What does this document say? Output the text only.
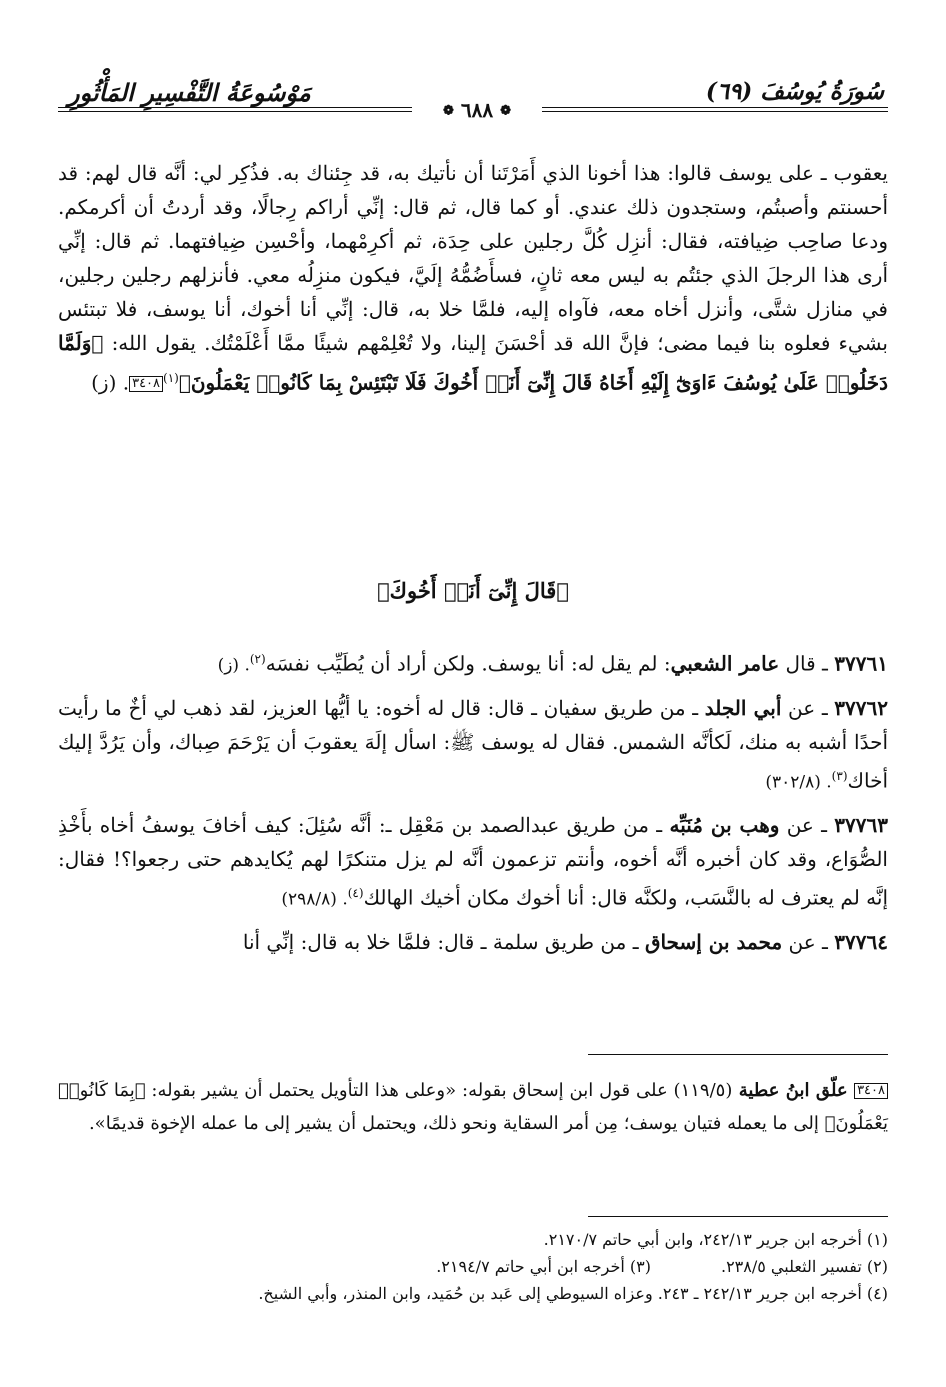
سُورَةُ يُوسُفَ (٦٩)
مَوْسُوعَةُ التَّفْسِيرِ المَأْثُورِ
❁ ٦٨٨ ❁

يعقوب ـ على يوسف قالوا: هذا أخونا الذي أَمَرْتَنا أن نأتيك به، قد جِئناك به. فذُكِر لي: أنَّه قال لهم: قد أحسنتم وأصبتُم، وستجدون ذلك عندي. أو كما قال، ثم قال: إنِّي أراكم رِجالًا، وقد أردتُ أن أكرمكم. ودعا صاحِب ضِيافته، فقال: أنزِل كُلَّ رجلين على حِدَة، ثم أكرِمْهما، وأحْسِن ضِيافتهما. ثم قال: إنِّي أرى هذا الرجلَ الذي جئتُم به ليس معه ثانٍ، فسأَضُمُّهُ إلَيَّ، فيكون منزِلُه معي. فأنزلهم رجلين رجلين، في منازل شتَّى، وأنزل أخاه معه، فآواه إليه، فلمَّا خلا به، قال: إنِّي أنا أخوك، أنا يوسف، فلا تبتئس بشيء فعلوه بنا فيما مضى؛ فإنَّ الله قد أحْسَنَ إلينا، ولا تُعْلِمْهم شيئًا ممَّا أَعْلَمْتُك. يقول الله: ﴿وَلَمَّا دَخَلُوا۟ عَلَىٰ يُوسُفَ ءَاوَىٰٓ إِلَيْهِ أَخَاهُ قَالَ إِنِّىٓ أَنَا۠ أَخُوكَ فَلَا تَبْتَئِسْ بِمَا كَانُوا۟ يَعْمَلُونَ﴾$^{(١)}$٣٤٠٨. (ز)

﴿قَالَ إِنِّىٓ أَنَا۠ أَخُوكَ﴾

٣٧٧٦١ ـ قال عامر الشعبي: لم يقل له: أنا يوسف. ولكن أراد أن يُطَيِّب نفسَه$^{(٢)}$. (ز)

٣٧٧٦٢ ـ عن أبي الجلد ـ من طريق سفيان ـ قال: قال له أخوه: يا أيُّها العزيز، لقد ذهب لي أخٌ ما رأيت أحدًا أشبه به منك، لَكأنَّه الشمس. فقال له يوسف ﷺ: اسأل إلَهَ يعقوبَ أن يَرْحَمَ صِباك، وأن يَرُدَّ إليك أخاك$^{(٣)}$. (٣٠٢/٨)

٣٧٧٦٣ ـ عن وهب بن مُنَبِّه ـ من طريق عبدالصمد بن مَعْقِل ـ: أنَّه سُئِلَ: كيف أخافَ يوسفُ أخاه بأَخْذِ الصُّوَاع، وقد كان أخبره أنَّه أخوه، وأنتم تزعمون أنَّه لم يزل متنكرًا لهم يُكايدهم حتى رجعوا؟! فقال: إنَّه لم يعترف له بالنَّسَب، ولكنَّه قال: أنا أخوك مكان أخيك الهالك$^{(٤)}$. (٢٩٨/٨)

٣٧٧٦٤ ـ عن محمد بن إسحاق ـ من طريق سلمة ـ قال: فلمَّا خلا به قال: إنِّي أنا

٣٤٠٨ علّق ابنُ عطية (١١٩/٥) على قول ابن إسحاق بقوله: «وعلى هذا التأويل يحتمل أن يشير بقوله: ﴿بِمَا كَانُوا۟ يَعْمَلُونَ﴾ إلى ما يعمله فتيان يوسف؛ مِن أمر السقاية ونحو ذلك، ويحتمل أن يشير إلى ما عمله الإخوة قديمًا».

(١) أخرجه ابن جرير ٢٤٢/١٣، وابن أبي حاتم ٢١٧٠/٧.
(٢) تفسير الثعلبي ٢٣٨/٥.
(٣) أخرجه ابن أبي حاتم ٢١٩٤/٧.
(٤) أخرجه ابن جرير ٢٤٢/١٣ ـ ٢٤٣. وعزاه السيوطي إلى عَبد بن حُمَيد، وابن المنذر، وأبي الشيخ.
